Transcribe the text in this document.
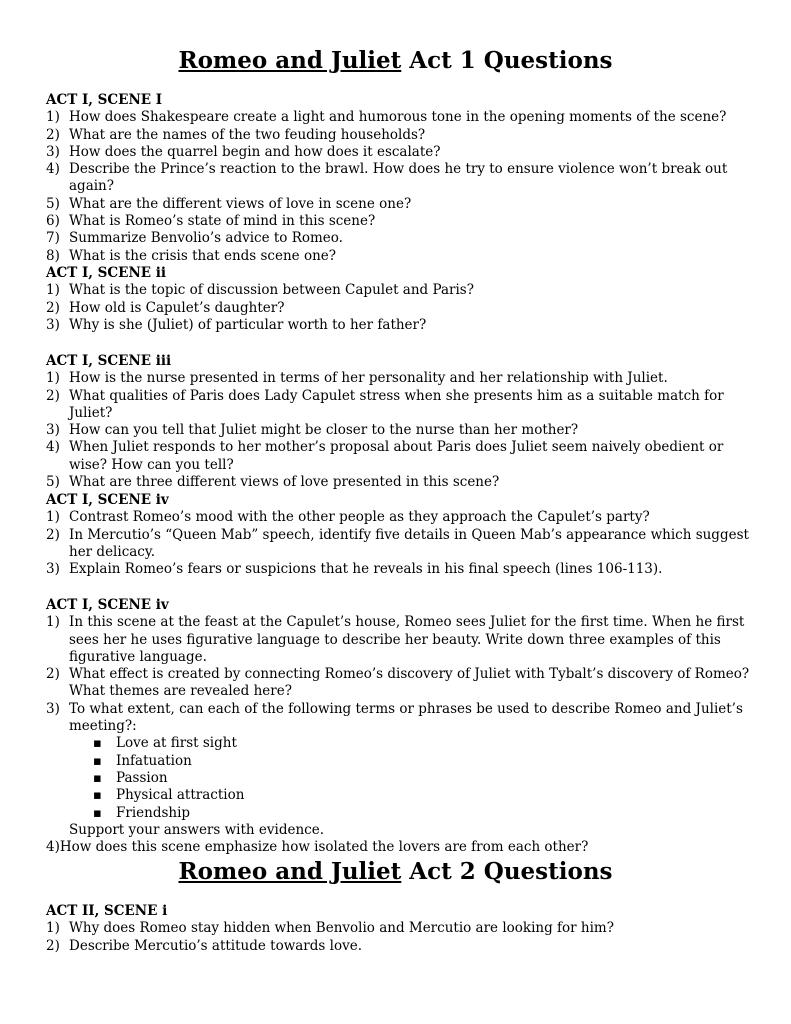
Romeo and Juliet Act 1 Questions
ACT I, SCENE I
1) How does Shakespeare create a light and humorous tone in the opening moments of the scene?
2) What are the names of the two feuding households?
3) How does the quarrel begin and how does it escalate?
4) Describe the Prince’s reaction to the brawl. How does he try to ensure violence won’t break out again?
5) What are the different views of love in scene one?
6) What is Romeo’s state of mind in this scene?
7) Summarize Benvolio’s advice to Romeo.
8) What is the crisis that ends scene one?
ACT I, SCENE ii
1) What is the topic of discussion between Capulet and Paris?
2) How old is Capulet’s daughter?
3) Why is she (Juliet) of particular worth to her father?
ACT I, SCENE iii
1) How is the nurse presented in terms of her personality and her relationship with Juliet.
2) What qualities of Paris does Lady Capulet stress when she presents him as a suitable match for Juliet?
3) How can you tell that Juliet might be closer to the nurse than her mother?
4) When Juliet responds to her mother’s proposal about Paris does Juliet seem naively obedient or wise? How can you tell?
5) What are three different views of love presented in this scene?
ACT I, SCENE iv
1) Contrast Romeo’s mood with the other people as they approach the Capulet’s party?
2) In Mercutio’s “Queen Mab” speech, identify five details in Queen Mab’s appearance which suggest her delicacy.
3) Explain Romeo’s fears or suspicions that he reveals in his final speech (lines 106-113).
ACT I, SCENE iv
1) In this scene at the feast at the Capulet’s house, Romeo sees Juliet for the first time. When he first sees her he uses figurative language to describe her beauty. Write down three examples of this figurative language.
2) What effect is created by connecting Romeo’s discovery of Juliet with Tybalt’s discovery of Romeo? What themes are revealed here?
3) To what extent, can each of the following terms or phrases be used to describe Romeo and Juliet’s meeting?:
▪ Love at first sight
▪ Infatuation
▪ Passion
▪ Physical attraction
▪ Friendship
Support your answers with evidence.
4)How does this scene emphasize how isolated the lovers are from each other?
Romeo and Juliet Act 2 Questions
ACT II, SCENE i
1) Why does Romeo stay hidden when Benvolio and Mercutio are looking for him?
2) Describe Mercutio’s attitude towards love.
